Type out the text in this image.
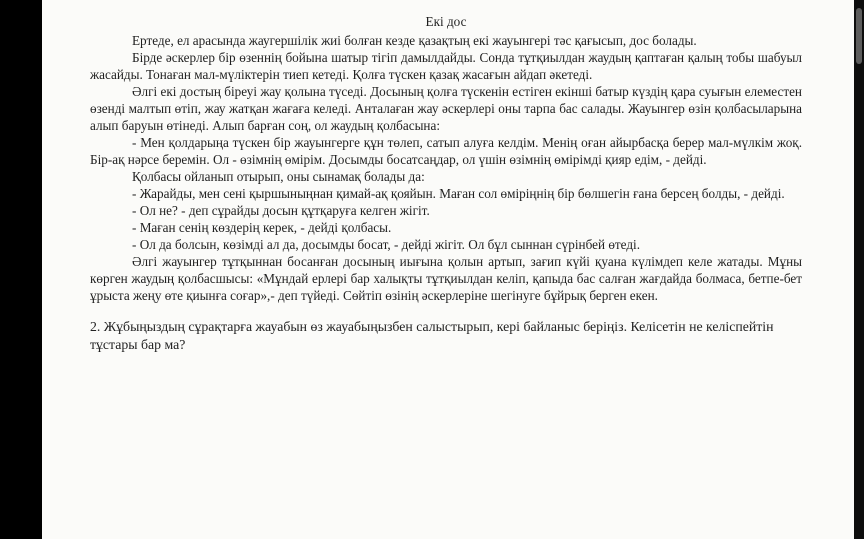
Екі дос

Ертеде, ел арасында жаугершілік жиі болған кезде қазақтың екі жауынгері тәс қағысып, дос болады.

Бірде әскерлер бір өзеннің бойына шатыр тігіп дамылдайды. Сонда тұтқиылдан жаудың қаптаған қалың тобы шабуыл жасайды. Тонаған мал-мүліктерін тиеп кетеді. Қолға түскен қазақ жасағын айдап әкетеді.

Әлгі екі достың біреуі жау қолына түседі. Досының қолға түскенін естіген екінші батыр күздің қара суығын елеместен өзенді малтып өтіп, жау жатқан жағаға келеді. Анталаған жау әскерлері оны тарпа бас салады. Жауынгер өзін қолбасыларына алып баруын өтінеді. Алып барған соң, ол жаудың қолбасына:

- Мен қолдарыңа түскен бір жауынгерге құн төлеп, сатып алуға келдім. Менің оған айырбасқа берер мал-мүлкім жоқ. Бір-ақ нәрсе беремін. Ол - өзімнің өмірім. Досымды босатсаңдар, ол үшін өзімнің өмірімді қияр едім, - дейді.

Қолбасы ойланып отырып, оны сынамақ болады да:

- Жарайды, мен сені қыршыныңнан қимай-ақ қояйын. Маған сол өміріңнің бір бөлшегін ғана берсең болды, - дейді.

- Ол не? - деп сұрайды досын құтқаруға келген жігіт.

- Маған сенің көздерің керек, - дейді қолбасы.

- Ол да болсын, көзімді ал да, досымды босат, - дейді жігіт. Ол бұл сыннан сүрінбей өтеді.

Әлгі жауынгер тұтқыннан босанған досының иығына қолын артып, зағип күйі қуана күлімдеп келе жатады. Мұны көрген жаудың қолбасшысы: «Мұндай ерлері бар халықты тұтқиылдан келіп, қапыда бас салған жағдайда болмаса, бетпе-бет ұрыста жеңу өте қиынға соғар»,- деп түйеді. Сөйтіп өзінің әскерлеріне шегінуге бұйрық берген екен.

2. Жұбыңыздың сұрақтарға жауабын өз жауабыңызбен салыстырып, кері байланыс беріңіз. Келісетін не келіспейтін тұстары бар ма?
